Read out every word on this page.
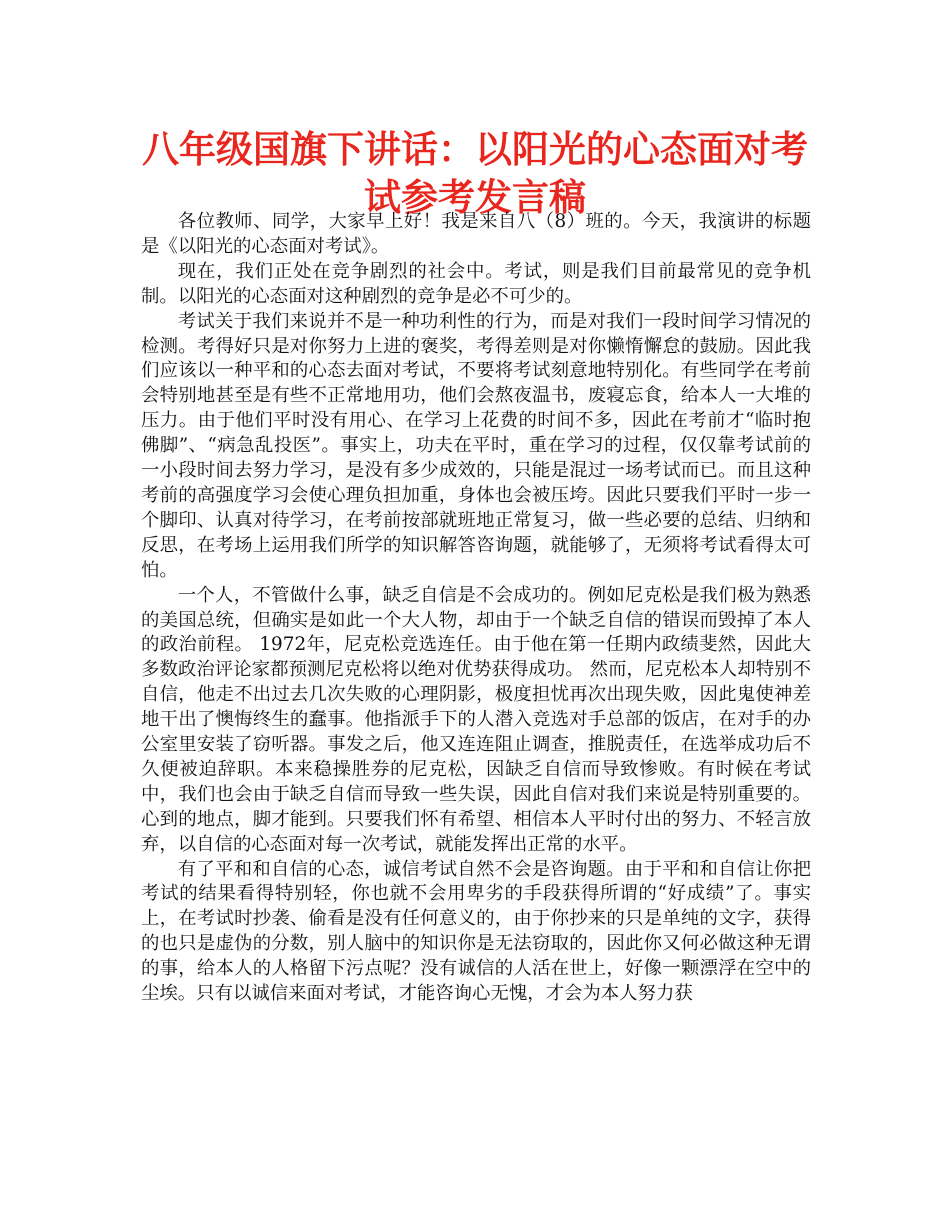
八年级国旗下讲话：以阳光的心态面对考试参考发言稿

各位教师、同学，大家早上好！我是来自八（8）班的。今天，我演讲的标题是《以阳光的心态面对考试》。

现在，我们正处在竞争剧烈的社会中。考试，则是我们目前最常见的竞争机制。以阳光的心态面对这种剧烈的竞争是必不可少的。

考试关于我们来说并不是一种功利性的行为，而是对我们一段时间学习情况的检测。考得好只是对你努力上进的褒奖，考得差则是对你懒惰懈怠的鼓励。因此我们应该以一种平和的心态去面对考试，不要将考试刻意地特别化。有些同学在考前会特别地甚至是有些不正常地用功，他们会熬夜温书，废寝忘食，给本人一大堆的压力。由于他们平时没有用心、在学习上花费的时间不多，因此在考前才“临时抱佛脚”、“病急乱投医”。事实上，功夫在平时，重在学习的过程，仅仅靠考试前的一小段时间去努力学习，是没有多少成效的，只能是混过一场考试而已。而且这种考前的高强度学习会使心理负担加重，身体也会被压垮。因此只要我们平时一步一个脚印、认真对待学习，在考前按部就班地正常复习，做一些必要的总结、归纳和反思，在考场上运用我们所学的知识解答咨询题，就能够了，无须将考试看得太可怕。

一个人，不管做什么事，缺乏自信是不会成功的。例如尼克松是我们极为熟悉的美国总统，但确实是如此一个大人物，却由于一个缺乏自信的错误而毁掉了本人的政治前程。 1972年，尼克松竞选连任。由于他在第一任期内政绩斐然，因此大多数政治评论家都预测尼克松将以绝对优势获得成功。 然而，尼克松本人却特别不自信，他走不出过去几次失败的心理阴影，极度担忧再次出现失败，因此鬼使神差地干出了懊悔终生的蠢事。他指派手下的人潜入竞选对手总部的饭店，在对手的办公室里安装了窃听器。事发之后，他又连连阻止调查，推脱责任，在选举成功后不久便被迫辞职。本来稳操胜券的尼克松，因缺乏自信而导致惨败。有时候在考试中，我们也会由于缺乏自信而导致一些失误，因此自信对我们来说是特别重要的。心到的地点，脚才能到。只要我们怀有希望、相信本人平时付出的努力、不轻言放弃，以自信的心态面对每一次考试，就能发挥出正常的水平。

有了平和和自信的心态，诚信考试自然不会是咨询题。由于平和和自信让你把考试的结果看得特别轻，你也就不会用卑劣的手段获得所谓的“好成绩”了。事实上，在考试时抄袭、偷看是没有任何意义的，由于你抄来的只是单纯的文字，获得的也只是虚伪的分数，别人脑中的知识你是无法窃取的，因此你又何必做这种无谓的事，给本人的人格留下污点呢？没有诚信的人活在世上，好像一颗漂浮在空中的尘埃。只有以诚信来面对考试，才能咨询心无愧，才会为本人努力获
